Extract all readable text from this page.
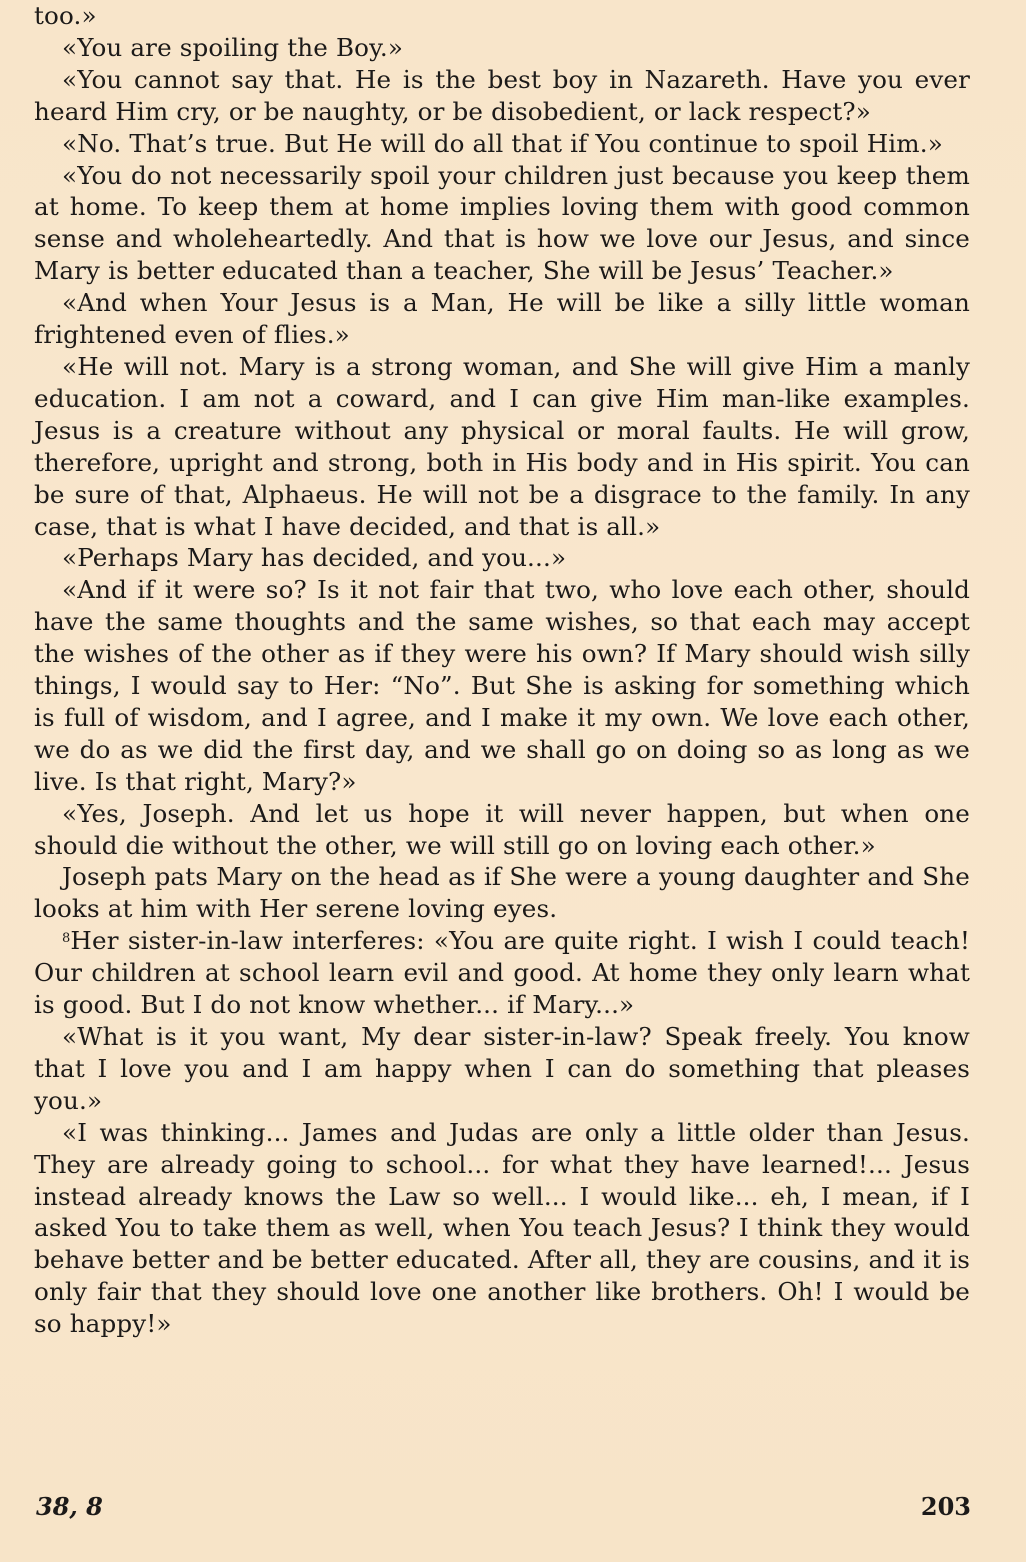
too.»

«You are spoiling the Boy.»

«You cannot say that. He is the best boy in Nazareth. Have you ever heard Him cry, or be naughty, or be disobedient, or lack respect?»

«No. That’s true. But He will do all that if You continue to spoil Him.»

«You do not necessarily spoil your children just because you keep them at home. To keep them at home implies loving them with good common sense and wholeheartedly. And that is how we love our Jesus, and since Mary is better educated than a teacher, She will be Jesus’ Teacher.»

«And when Your Jesus is a Man, He will be like a silly little woman frightened even of flies.»

«He will not. Mary is a strong woman, and She will give Him a manly education. I am not a coward, and I can give Him man-like examples. Jesus is a creature without any physical or moral faults. He will grow, therefore, upright and strong, both in His body and in His spirit. You can be sure of that, Alphaeus. He will not be a disgrace to the family. In any case, that is what I have decided, and that is all.»

«Perhaps Mary has decided, and you...»

«And if it were so? Is it not fair that two, who love each other, should have the same thoughts and the same wishes, so that each may accept the wishes of the other as if they were his own? If Mary should wish silly things, I would say to Her: “No”. But She is asking for something which is full of wisdom, and I agree, and I make it my own. We love each other, we do as we did the first day, and we shall go on doing so as long as we live. Is that right, Mary?»

«Yes, Joseph. And let us hope it will never happen, but when one should die without the other, we will still go on loving each other.»

Joseph pats Mary on the head as if She were a young daughter and She looks at him with Her serene loving eyes.

$^8$Her sister-in-law interferes: «You are quite right. I wish I could teach! Our children at school learn evil and good. At home they only learn what is good. But I do not know whether... if Mary...»

«What is it you want, My dear sister-in-law? Speak freely. You know that I love you and I am happy when I can do something that pleases you.»

«I was thinking... James and Judas are only a little older than Jesus. They are already going to school... for what they have learned!... Jesus instead already knows the Law so well... I would like... eh, I mean, if I asked You to take them as well, when You teach Jesus? I think they would behave better and be better educated. After all, they are cousins, and it is only fair that they should love one another like brothers. Oh! I would be so happy!»

38, 8	203
